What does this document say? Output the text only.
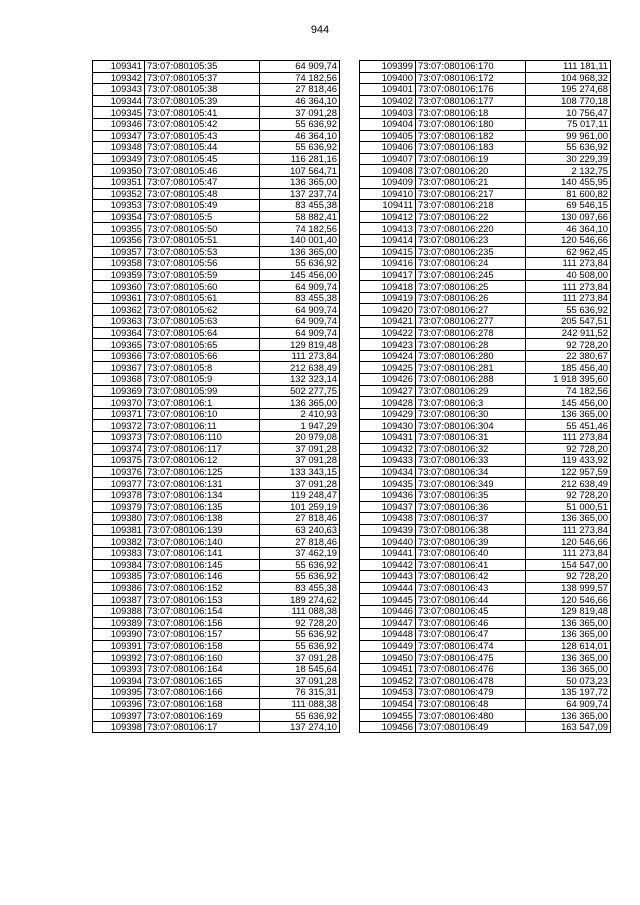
944
109341	73:07:080105:35	64 909,74
109342	73:07:080105:37	74 182,56
109343	73:07:080105:38	27 818,46
109344	73:07:080105:39	46 364,10
109345	73:07:080105:41	37 091,28
109346	73:07:080105:42	55 636,92
109347	73:07:080105:43	46 364,10
109348	73:07:080105:44	55 636,92
109349	73:07:080105:45	116 281,16
109350	73:07:080105:46	107 564,71
109351	73:07:080105:47	136 365,00
109352	73:07:080105:48	137 237,74
109353	73:07:080105:49	83 455,38
109354	73:07:080105:5	58 882,41
109355	73:07:080105:50	74 182,56
109356	73:07:080105:51	140 001,40
109357	73:07:080105:53	136 365,00
109358	73:07:080105:56	55 636,92
109359	73:07:080105:59	145 456,00
109360	73:07:080105:60	64 909,74
109361	73:07:080105:61	83 455,38
109362	73:07:080105:62	64 909,74
109363	73:07:080105:63	64 909,74
109364	73:07:080105:64	64 909,74
109365	73:07:080105:65	129 819,48
109366	73:07:080105:66	111 273,84
109367	73:07:080105:8	212 638,49
109368	73:07:080105:9	132 323,14
109369	73:07:080105:99	502 277,75
109370	73:07:080106:1	136 365,00
109371	73:07:080106:10	2 410,93
109372	73:07:080106:11	1 947,29
109373	73:07:080106:110	20 979,08
109374	73:07:080106:117	37 091,28
109375	73:07:080106:12	37 091,28
109376	73:07:080106:125	133 343,15
109377	73:07:080106:131	37 091,28
109378	73:07:080106:134	119 248,47
109379	73:07:080106:135	101 259,19
109380	73:07:080106:138	27 818,46
109381	73:07:080106:139	63 240,63
109382	73:07:080106:140	27 818,46
109383	73:07:080106:141	37 462,19
109384	73:07:080106:145	55 636,92
109385	73:07:080106:146	55 636,92
109386	73:07:080106:152	83 455,38
109387	73:07:080106:153	189 274,62
109388	73:07:080106:154	111 088,38
109389	73:07:080106:156	92 728,20
109390	73:07:080106:157	55 636,92
109391	73:07:080106:158	55 636,92
109392	73:07:080106:160	37 091,28
109393	73:07:080106:164	18 545,64
109394	73:07:080106:165	37 091,28
109395	73:07:080106:166	76 315,31
109396	73:07:080106:168	111 088,38
109397	73:07:080106:169	55 636,92
109398	73:07:080106:17	137 274,10
109399	73:07:080106:170	111 181,11
109400	73:07:080106:172	104 968,32
109401	73:07:080106:176	195 274,68
109402	73:07:080106:177	108 770,18
109403	73:07:080106:18	10 756,47
109404	73:07:080106:180	75 017,11
109405	73:07:080106:182	99 961,00
109406	73:07:080106:183	55 636,92
109407	73:07:080106:19	30 229,39
109408	73:07:080106:20	2 132,75
109409	73:07:080106:21	140 455,95
109410	73:07:080106:217	81 600,82
109411	73:07:080106:218	69 546,15
109412	73:07:080106:22	130 097,66
109413	73:07:080106:220	46 364,10
109414	73:07:080106:23	120 546,66
109415	73:07:080106:235	62 962,45
109416	73:07:080106:24	111 273,84
109417	73:07:080106:245	40 508,00
109418	73:07:080106:25	111 273,84
109419	73:07:080106:26	111 273,84
109420	73:07:080106:27	55 636,92
109421	73:07:080106:277	205 547,51
109422	73:07:080106:278	242 911,52
109423	73:07:080106:28	92 728,20
109424	73:07:080106:280	22 380,67
109425	73:07:080106:281	185 456,40
109426	73:07:080106:288	1 918 395,60
109427	73:07:080106:29	74 182,56
109428	73:07:080106:3	145 456,00
109429	73:07:080106:30	136 365,00
109430	73:07:080106:304	55 451,46
109431	73:07:080106:31	111 273,84
109432	73:07:080106:32	92 728,20
109433	73:07:080106:33	119 433,92
109434	73:07:080106:34	122 957,59
109435	73:07:080106:349	212 638,49
109436	73:07:080106:35	92 728,20
109437	73:07:080106:36	51 000,51
109438	73:07:080106:37	136 365,00
109439	73:07:080106:38	111 273,84
109440	73:07:080106:39	120 546,66
109441	73:07:080106:40	111 273,84
109442	73:07:080106:41	154 547,00
109443	73:07:080106:42	92 728,20
109444	73:07:080106:43	138 999,57
109445	73:07:080106:44	120 546,66
109446	73:07:080106:45	129 819,48
109447	73:07:080106:46	136 365,00
109448	73:07:080106:47	136 365,00
109449	73:07:080106:474	128 614,01
109450	73:07:080106:475	136 365,00
109451	73:07:080106:476	136 365,00
109452	73:07:080106:478	50 073,23
109453	73:07:080106:479	135 197,72
109454	73:07:080106:48	64 909,74
109455	73:07:080106:480	136 365,00
109456	73:07:080106:49	163 547,09
